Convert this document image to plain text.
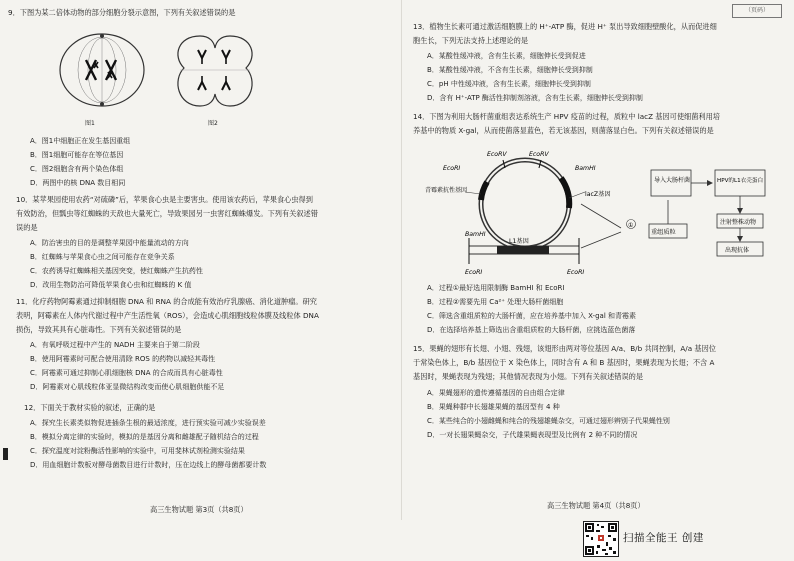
9．下图为某二倍体动物的部分细胞分裂示意图，下列有关叙述错误的是
图1	图2
A．图1中细胞正在发生基因重组
B．图1细胞可能存在等位基因
C．图2细胞含有两个染色体组
D．两图中的核 DNA 数目相同
10．某苹果园使用农药“对硫磷”后，苹果食心虫是主要害虫。使用该农药后，苹果食心虫得到
有效防治，但瓢虫等红蜘蛛的天敌也大量死亡，导致果园另一虫害红蜘蛛爆发。下列有关叙述错
误的是
A．防治害虫的目的是调整苹果园中能量流动的方向
B．红蜘蛛与苹果食心虫之间可能存在竞争关系
C．农药诱导红蜘蛛相关基因突变，使红蜘蛛产生抗药性
D．改用生物防治可降低苹果食心虫和红蜘蛛的 K 值
11．化疗药物阿霉素通过抑制细胞 DNA 和 RNA 的合成能有效治疗乳腺癌、消化道肿瘤。研究
表明，阿霉素在人体内代谢过程中产生活性氧（ROS），会造成心肌细胞线粒体膜及线粒体 DNA
损伤，导致其具有心脏毒性。下列有关叙述错误的是
A．有氧呼吸过程中产生的 NADH 主要来自于第二阶段
B．使用阿霉素时可配合使用清除 ROS 的药物以减轻其毒性
C．阿霉素可通过抑制心肌细胞核 DNA 的合成而具有心脏毒性
D．阿霉素对心肌线粒体亚显微结构改变而使心肌细胞供能不足
12．下面关于教材实验的叙述，正确的是
A．探究生长素类似物促进插条生根的最适浓度，进行预实验可减少实验误差
B．模拟分离定律的实验时，模拟的是基因分离和雌雄配子随机结合的过程
C．探究温度对淀粉酶活性影响的实验中，可用斐林试剂检测实验结果
D．用血细胞计数板对酵母菌数目进行计数时，压在边线上的酵母菌都要计数
高三生物试题 第3页（共8页）
（页码）
13．植物生长素可通过激活细胞膜上的 H⁺-ATP 酶，促进 H⁺ 泵出导致细胞壁酸化，从而促进细
胞生长，下列无法支持上述理论的是
A．某酸性缓冲液，含有生长素，细胞伸长受到促进
B．某酸性缓冲液，不含有生长素，细胞伸长受到抑制
C．pH 中性缓冲液，含有生长素，细胞伸长受到抑制
D．含有 H⁺-ATP 酶活性抑制剂溶液，含有生长素，细胞伸长受到抑制
14．下图为利用大肠杆菌重组表达系统生产 HPV 疫苗的过程，质粒中 lacZ 基因可使细菌利用培
养基中的物质 X-gal，从而使菌落显蓝色，若无该基因，则菌落显白色。下列有关叙述错误的是
EcoRV	EcoRV
EcoRI	BamHI
lacZ基因
青霉素抗性基因
BamHI
L1基因
EcoRI	EcoRI
①
重组质粒
导入大肠杆菌	HPV的L1衣壳蛋白
注射整株动物
出现抗体
A．过程①最好选用限制酶 BamHI 和 EcoRI
B．过程②需要先用 Ca²⁺ 处理大肠杆菌细胞
C．筛选含重组质粒的大肠杆菌，应在培养基中加入 X-gal 和青霉素
D．在选择培养基上筛选出含重组质粒的大肠杆菌，应挑选蓝色菌落
15．果蝇的翅形有长翅、小翅、残翅，该翅形由两对等位基因 A/a、B/b 共同控制，A/a 基因位
于常染色体上，B/b 基因位于 X 染色体上，同时含有 A 和 B 基因时，果蝇表现为长翅；不含 A
基因时，果蝇表现为残翅；其他情况表现为小翅。下列有关叙述错误的是
A．果蝇翅形的遗传遵循基因的自由组合定律
B．果蝇种群中长翅雄果蝇的基因型有 4 种
C．某些纯合的小翅雌蝇和纯合的残翅雄蝇杂交，可通过翅形辨别子代果蝇性别
D．一对长翅果蝇杂交，子代雄果蝇表现型及比例有 2 种不同的情况
高三生物试题 第4页（共8页）
扫描全能王 创建
